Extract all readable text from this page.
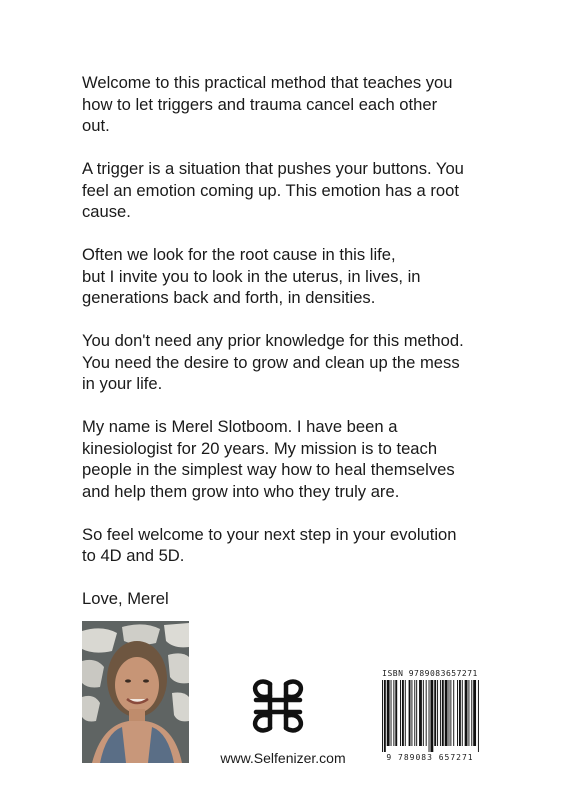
Welcome to this practical method that teaches you
how to let triggers and trauma cancel each other
out.

A trigger is a situation that pushes your buttons. You
feel an emotion coming up. This emotion has a root
cause.

Often we look for the root cause in this life,
but I invite you to look in the uterus, in lives, in
generations back and forth, in densities.

You don't need any prior knowledge for this method.
You need the desire to grow and clean up the mess
in your life.

My name is Merel Slotboom. I have been a
kinesiologist for 20 years. My mission is to teach
people in the simplest way how to heal themselves
and help them grow into who they truly are.

So feel welcome to your next step in your evolution
to 4D and 5D.

Love, Merel

www.Selfenizer.com
ISBN 9789083657271
9 789083 657271
